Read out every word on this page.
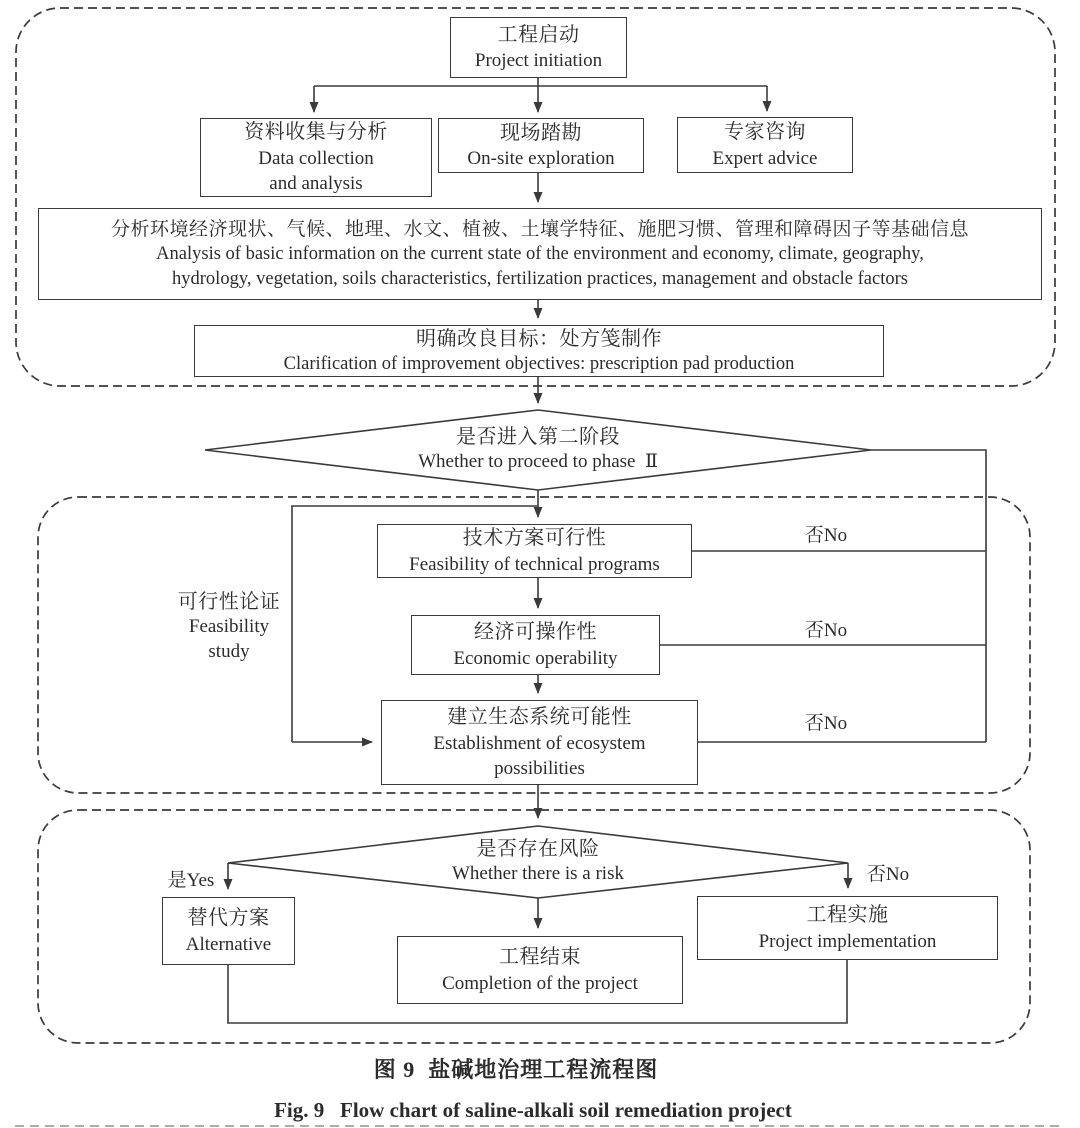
工程启动
Project initiation
资料收集与分析
Data collection
and analysis
现场踏勘
On-site exploration
专家咨询
Expert advice
分析环境经济现状、气候、地理、水文、植被、土壤学特征、施肥习惯、管理和障碍因子等基础信息
Analysis of basic information on the current state of the environment and economy, climate, geography,
hydrology, vegetation, soils characteristics, fertilization practices, management and obstacle factors
明确改良目标：处方笺制作
Clarification of improvement objectives: prescription pad production
是否进入第二阶段
Whether to proceed to phase  Ⅱ
可行性论证
Feasibility
study
技术方案可行性
Feasibility of technical programs
经济可操作性
Economic operability
建立生态系统可能性
Establishment of ecosystem
possibilities
否No
否No
否No
是否存在风险
Whether there is a risk
是Yes	否No
替代方案
Alternative
工程结束
Completion of the project
工程实施
Project implementation
图 9  盐碱地治理工程流程图
Fig. 9   Flow chart of saline-alkali soil remediation project
